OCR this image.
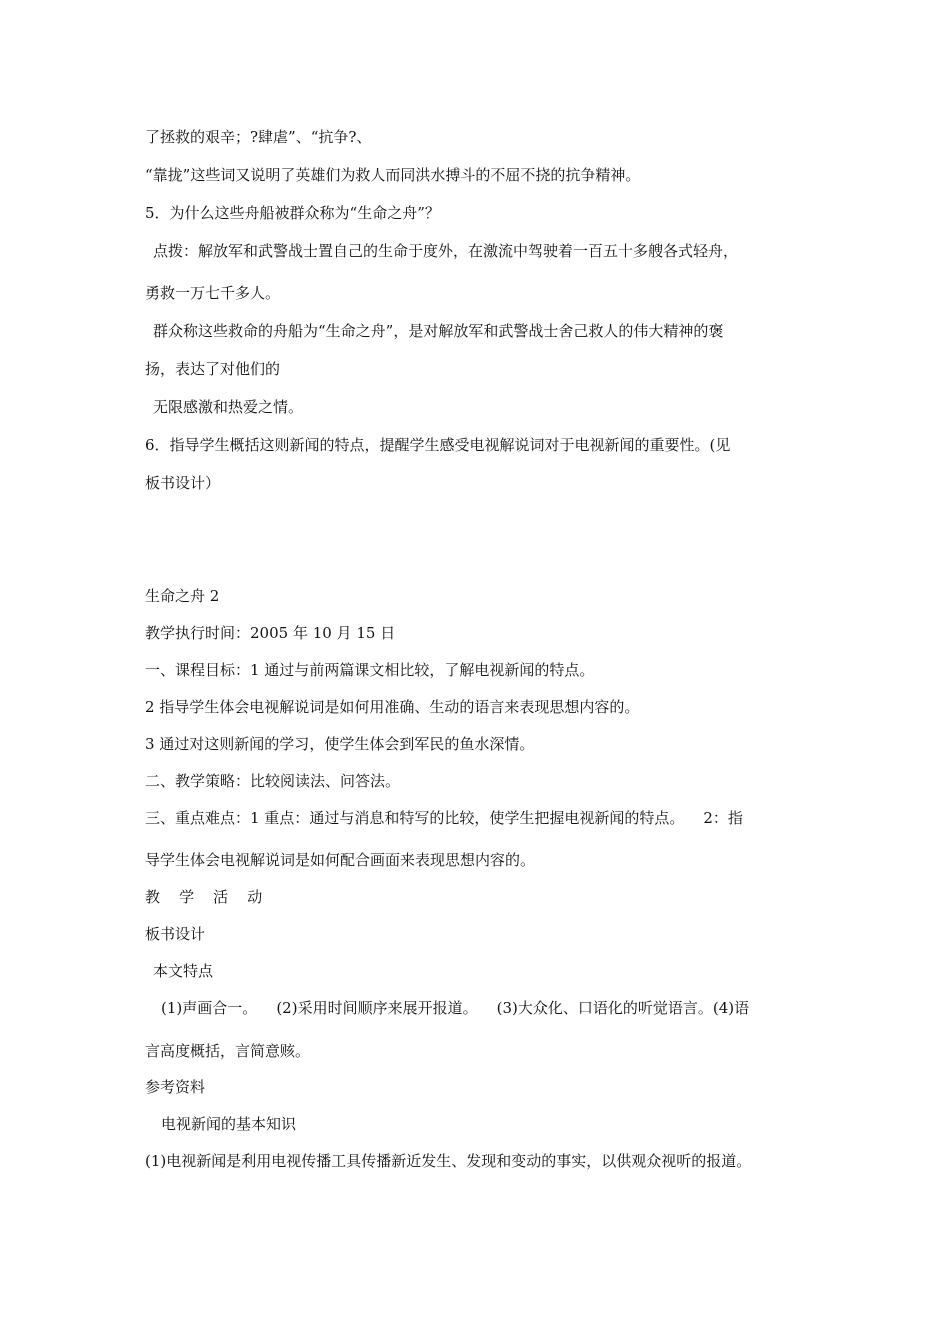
了拯救的艰辛；?肆虐”、“抗争?、
“靠拢”这些词又说明了英雄们为救人而同洪水搏斗的不屈不挠的抗争精神。
5．为什么这些舟船被群众称为“生命之舟”？
点拨：解放军和武警战士置自己的生命于度外，在激流中驾驶着一百五十多艘各式轻舟，
勇救一万七千多人。
群众称这些救命的舟船为“生命之舟”，是对解放军和武警战士舍己救人的伟大精神的褒
扬，表达了对他们的
无限感激和热爱之情。
6．指导学生概括这则新闻的特点，提醒学生感受电视解说词对于电视新闻的重要性。(见
板书设计）
生命之舟 2
教学执行时间：2005 年 10 月 15 日
一、课程目标：1 通过与前两篇课文相比较，了解电视新闻的特点。
2 指导学生体会电视解说词是如何用准确、生动的语言来表现思想内容的。
3 通过对这则新闻的学习，使学生体会到军民的鱼水深情。
二、教学策略：比较阅读法、问答法。
三、重点难点：1 重点：通过与消息和特写的比较，使学生把握电视新闻的特点。    2：指
导学生体会电视解说词是如何配合画面来表现思想内容的。
教    学    活    动
板书设计
本文特点
(1)声画合一。    (2)采用时间顺序来展开报道。    (3)大众化、口语化的听觉语言。(4)语
言高度概括，言简意赅。
参考资料
电视新闻的基本知识
(1)电视新闻是利用电视传播工具传播新近发生、发现和变动的事实，以供观众视听的报道。
